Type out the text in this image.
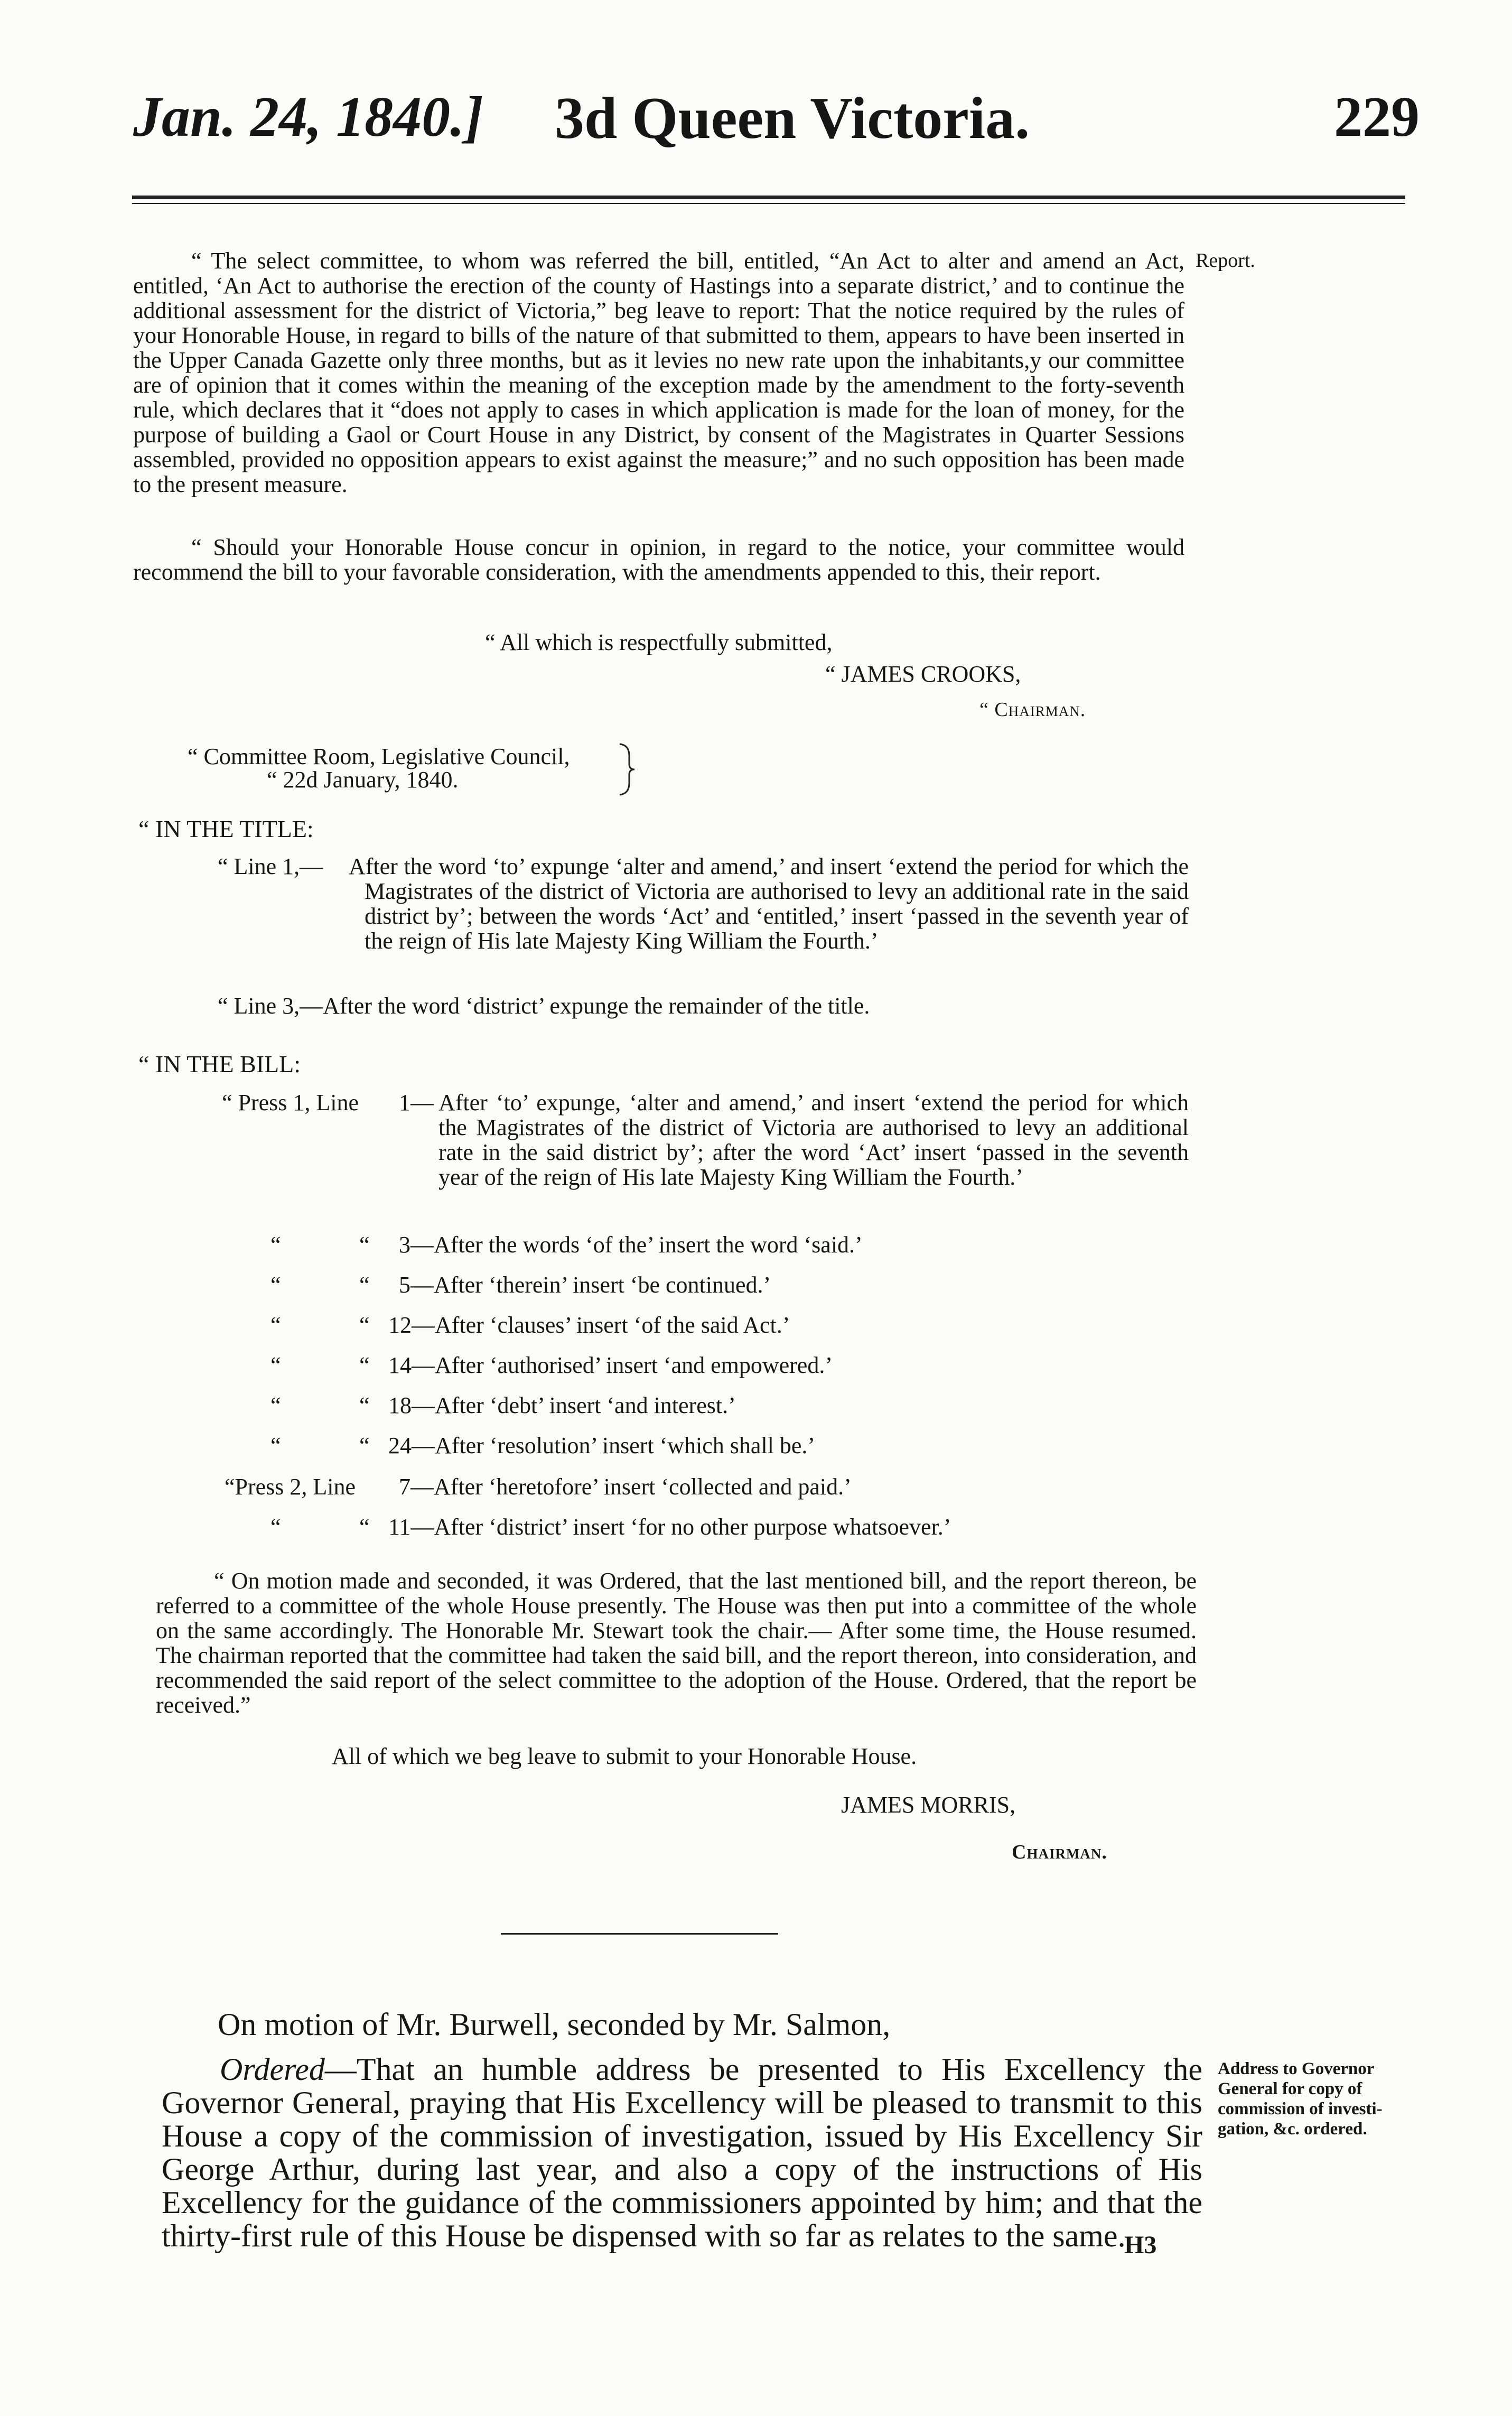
Jan. 24, 1840.] 3d Queen Victoria.	229
Report.
“ The select committee, to whom was referred the bill, entitled, “An Act to alter and amend an Act, entitled, ‘An Act to authorise the erection of the county of Hastings into a separate district,’ and to continue the additional assessment for the district of Victoria,” beg leave to report: That the notice required by the rules of your Honorable House, in regard to bills of the nature of that submitted to them, appears to have been inserted in the Upper Canada Gazette only three months, but as it levies no new rate upon the inhabitants,y our committee are of opinion that it comes within the meaning of the exception made by the amendment to the forty-seventh rule, which declares that it “does not apply to cases in which application is made for the loan of money, for the purpose of building a Gaol or Court House in any District, by consent of the Magistrates in Quarter Sessions assembled, provided no opposition appears to exist against the measure;” and no such opposition has been made to the present measure.
“ Should your Honorable House concur in opinion, in regard to the notice, your committee would recommend the bill to your favorable consideration, with the amendments appended to this, their report.
“ All which is respectfully submitted,
“ JAMES CROOKS,
“ Chairman.
“ Committee Room, Legislative Council,
“ 22d January, 1840.
“ IN THE TITLE:
“ Line 1,— After the word ‘to’ expunge ‘alter and amend,’ and insert ‘extend the period for which the Magistrates of the district of Victoria are authorised to levy an additional rate in the said district by’; between the words ‘Act’ and ‘entitled,’ insert ‘passed in the seventh year of the reign of His late Majesty King William the Fourth.’
“ Line 3,—After the word ‘district’ expunge the remainder of the title.
“ IN THE BILL:
“ Press 1, Line 1— After ‘to’ expunge, ‘alter and amend,’ and insert ‘extend the period for which the Magistrates of the district of Victoria are authorised to levy an additional rate in the said district by’; after the word ‘Act’ insert ‘passed in the seventh year of the reign of His late Majesty King William the Fourth.’
“	“ 3—After the words ‘of the’ insert the word ‘said.’
“	“ 5—After ‘therein’ insert ‘be continued.’
“	“ 12—After ‘clauses’ insert ‘of the said Act.’
“	“ 14—After ‘authorised’ insert ‘and empowered.’
“	“ 18—After ‘debt’ insert ‘and interest.’
“	“ 24—After ‘resolution’ insert ‘which shall be.’
“Press 2, Line 7—After ‘heretofore’ insert ‘collected and paid.’
“	“ 11—After ‘district’ insert ‘for no other purpose whatsoever.’
“ On motion made and seconded, it was Ordered, that the last mentioned bill, and the report thereon, be referred to a committee of the whole House presently. The House was then put into a committee of the whole on the same accordingly. The Honorable Mr. Stewart took the chair.— After some time, the House resumed. The chairman reported that the committee had taken the said bill, and the report thereon, into consideration, and recommended the said report of the select committee to the adoption of the House. Ordered, that the report be received.”
All of which we beg leave to submit to your Honorable House.
JAMES MORRIS,
Chairman.
On motion of Mr. Burwell, seconded by Mr. Salmon,
Ordered—That an humble address be presented to His Excellency the Governor General, praying that His Excellency will be pleased to transmit to this House a copy of the commission of investigation, issued by His Excellency Sir George Arthur, during last year, and also a copy of the instructions of His Excellency for the guidance of the commissioners appointed by him; and that the thirty-first rule of this House be dispensed with so far as relates to the same.
Address to Governor
General for copy of
commission of investi-
gation, &c. ordered.
H3
